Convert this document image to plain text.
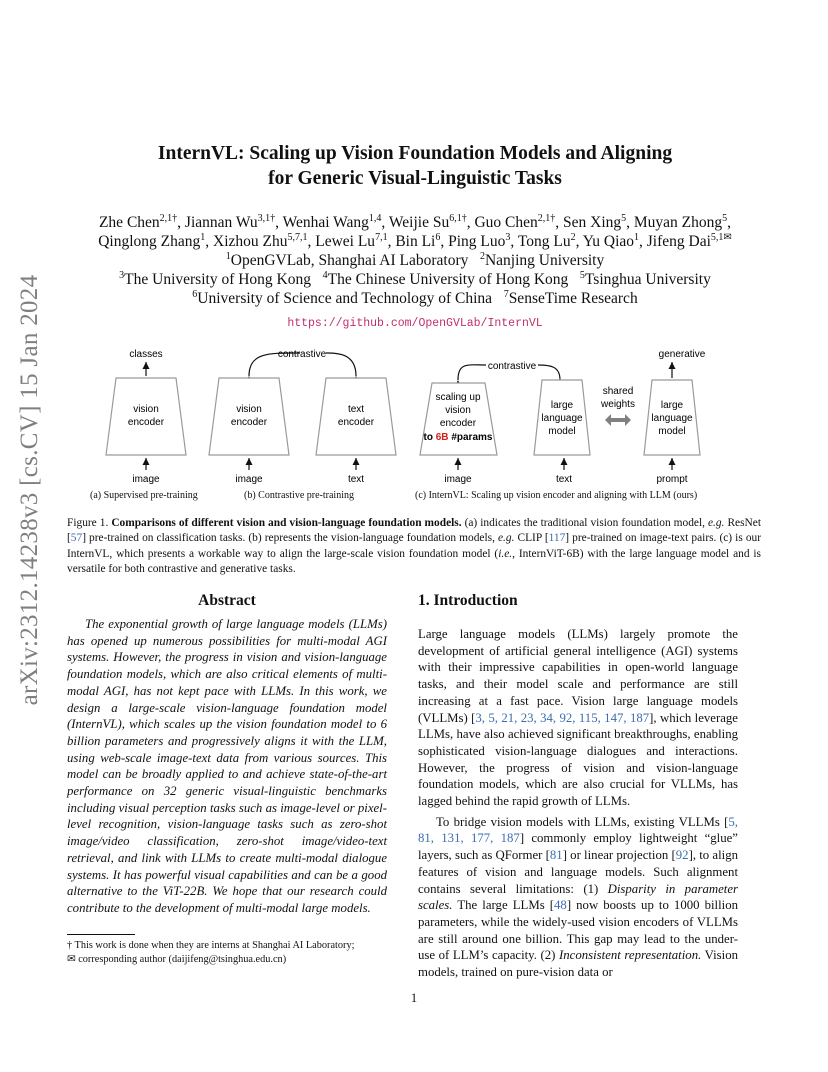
arXiv:2312.14238v3 [cs.CV] 15 Jan 2024
InternVL: Scaling up Vision Foundation Models and Aligning
for Generic Visual-Linguistic Tasks
Zhe Chen$^{2,1\dagger}$, Jiannan $Wu^{3,1\dagger}$, Wenhai Wang$^{1,4}$, Weijie $Su^{6,1\dagger}$, Guo Chen$^{2,1\dagger}$, Sen Xing$^5$, Muyan Zhong$^5$,
Qinglong Zhang$^1$, Xizhou Zhu$^{5,7,1}$, Lewei Lu$^{7,1}$, Bin Li$^6$, Ping Luo$^3$, Tong Lu$^2$, Yu Qiao$^1$, Jifeng Dai$^{5,1✉}$
$^1$OpenGVLab, Shanghai AI Laboratory   $^2$Nanjing University
$^3$The University of Hong Kong   $^4$The Chinese University of Hong Kong   $^5$Tsinghua University
$^6$University of Science and Technology of China   $^7$SenseTime Research
https://github.com/OpenGVLab/InternVL
classes
vision
encoder
image
contrastive
vision
encoder
text
encoder
image	text
contrastive
generative
scaling up
vision
encoder
to 6B #params
large
language
model
shared
weights	large
language
model
image	text	prompt
(a) Supervised pre-training	(b) Contrastive pre-training	(c) InternVL: Scaling up vision encoder and aligning with LLM (ours)
Figure 1. Comparisons of different vision and vision-language foundation models. (a) indicates the traditional vision foundation model, e.g. ResNet [57] pre-trained on classification tasks. (b) represents the vision-language foundation models, e.g. CLIP [117] pre-trained on image-text pairs. (c) is our InternVL, which presents a workable way to align the large-scale vision foundation model (i.e., InternViT-6B) with the large language model and is versatile for both contrastive and generative tasks.
Abstract

The exponential growth of large language models (LLMs) has opened up numerous possibilities for multi-modal AGI systems. However, the progress in vision and vision-language foundation models, which are also critical elements of multi-modal AGI, has not kept pace with LLMs. In this work, we design a large-scale vision-language foundation model (InternVL), which scales up the vision foundation model to 6 billion parameters and progressively aligns it with the LLM, using web-scale image-text data from various sources. This model can be broadly applied to and achieve state-of-the-art performance on 32 generic visual-linguistic benchmarks including visual perception tasks such as image-level or pixel-level recognition, vision-language tasks such as zero-shot image/video classification, zero-shot image/video-text retrieval, and link with LLMs to create multi-modal dialogue systems. It has powerful visual capabilities and can be a good alternative to the ViT-22B. We hope that our research could contribute to the development of multi-modal large models.

1. Introduction

Large language models (LLMs) largely promote the development of artificial general intelligence (AGI) systems with their impressive capabilities in open-world language tasks, and their model scale and performance are still increasing at a fast pace. Vision large language models (VLLMs) [3, 5, 21, 23, 34, 92, 115, 147, 187], which leverage LLMs, have also achieved significant breakthroughs, enabling sophisticated vision-language dialogues and interactions. However, the progress of vision and vision-language foundation models, which are also crucial for VLLMs, has lagged behind the rapid growth of LLMs.

To bridge vision models with LLMs, existing VLLMs [5, 81, 131, 177, 187] commonly employ lightweight “glue” layers, such as QFormer [81] or linear projection [92], to align features of vision and language models. Such alignment contains several limitations: (1) Disparity in parameter scales. The large LLMs [48] now boosts up to 1000 billion parameters, while the widely-used vision encoders of VLLMs are still around one billion. This gap may lead to the under-use of LLM’s capacity. (2) Inconsistent representation. Vision models, trained on pure-vision data or

† This work is done when they are interns at Shanghai AI Laboratory;
✉ corresponding author (daijifeng@tsinghua.edu.cn)
1
